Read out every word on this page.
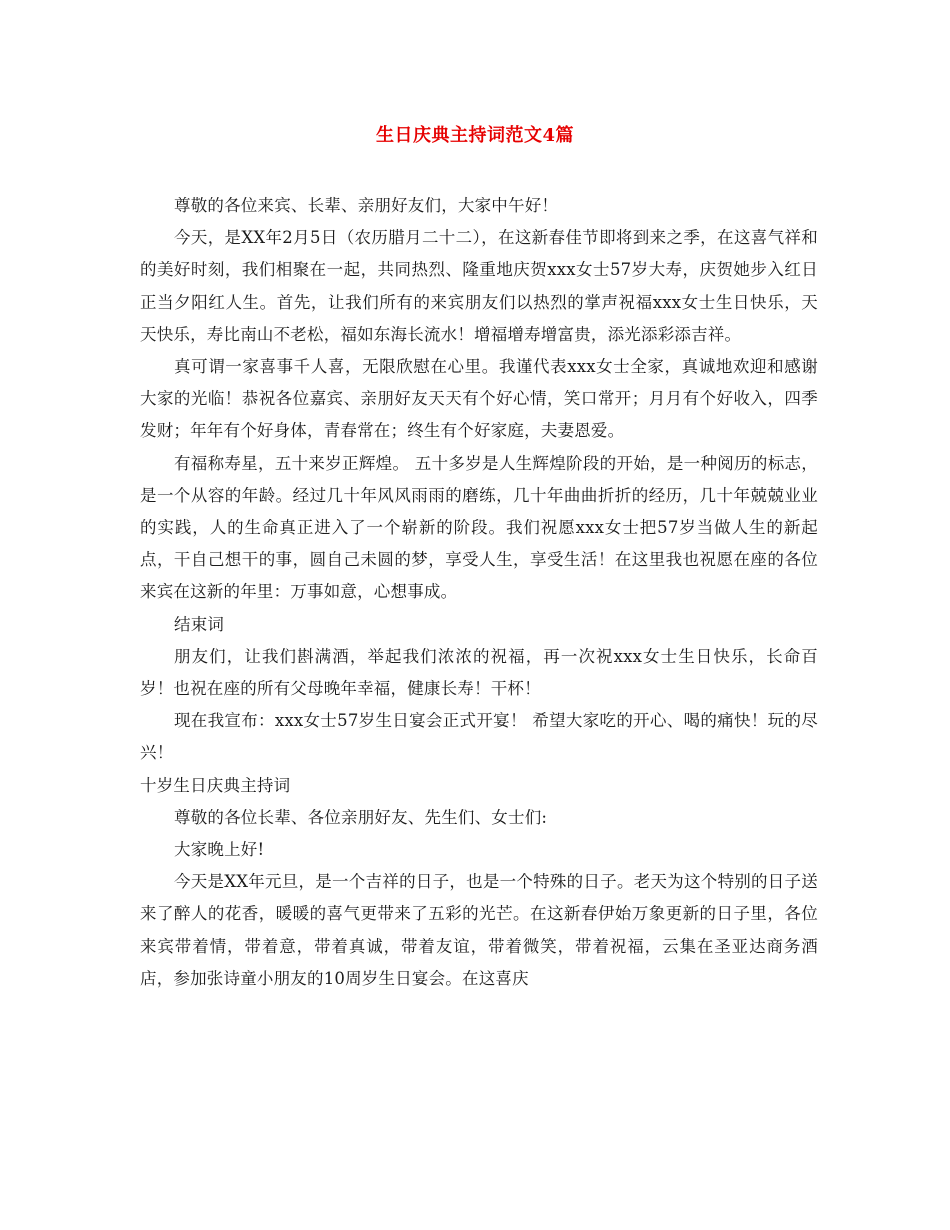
生日庆典主持词范文4篇

尊敬的各位来宾、长辈、亲朋好友们，大家中午好！

今天，是XX年2月5日（农历腊月二十二），在这新春佳节即将到来之季，在这喜气祥和的美好时刻，我们相聚在一起，共同热烈、隆重地庆贺xxx女士57岁大寿，庆贺她步入红日正当夕阳红人生。首先，让我们所有的来宾朋友们以热烈的掌声祝福xxx女士生日快乐，天天快乐，寿比南山不老松，福如东海长流水！增福增寿增富贵，添光添彩添吉祥。

真可谓一家喜事千人喜，无限欣慰在心里。我谨代表xxx女士全家，真诚地欢迎和感谢大家的光临！恭祝各位嘉宾、亲朋好友天天有个好心情，笑口常开；月月有个好收入，四季发财；年年有个好身体，青春常在；终生有个好家庭，夫妻恩爱。

有福称寿星，五十来岁正辉煌。 五十多岁是人生辉煌阶段的开始，是一种阅历的标志，是一个从容的年龄。经过几十年风风雨雨的磨练，几十年曲曲折折的经历，几十年兢兢业业的实践，人的生命真正进入了一个崭新的阶段。我们祝愿xxx女士把57岁当做人生的新起点，干自己想干的事，圆自己未圆的梦，享受人生，享受生活！在这里我也祝愿在座的各位来宾在这新的年里：万事如意，心想事成。

结束词

朋友们，让我们斟满酒，举起我们浓浓的祝福，再一次祝xxx女士生日快乐，长命百岁！也祝在座的所有父母晚年幸福，健康长寿！干杯！

现在我宣布：xxx女士57岁生日宴会正式开宴！ 希望大家吃的开心、喝的痛快！玩的尽兴！

十岁生日庆典主持词

尊敬的各位长辈、各位亲朋好友、先生们、女士们:

大家晚上好!

今天是XX年元旦，是一个吉祥的日子，也是一个特殊的日子。老天为这个特别的日子送来了醉人的花香，暖暖的喜气更带来了五彩的光芒。在这新春伊始万象更新的日子里，各位来宾带着情，带着意，带着真诚，带着友谊，带着微笑，带着祝福，云集在圣亚达商务酒店，参加张诗童小朋友的10周岁生日宴会。在这喜庆
